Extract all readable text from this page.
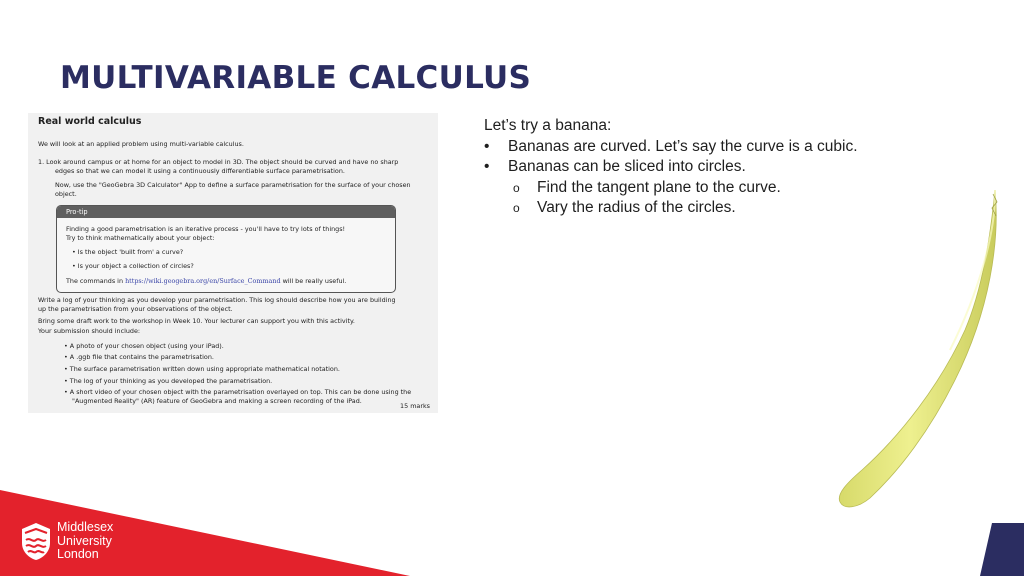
MULTIVARIABLE CALCULUS
Real world calculus
We will look at an applied problem using multi-variable calculus.
1. Look around campus or at home for an object to model in 3D. The object should be curved and have no sharp
edges so that we can model it using a continuously differentiable surface parametrisation.
Now, use the "GeoGebra 3D Calculator" App to define a surface parametrisation for the surface of your chosen
object.
Pro-tip
Finding a good parametrisation is an iterative process - you'll have to try lots of things!
Try to think mathematically about your object:
• Is the object 'built from' a curve?
• Is your object a collection of circles?
The commands in https://wiki.geogebra.org/en/Surface_Command will be really useful.
Write a log of your thinking as you develop your parametrisation. This log should describe how you are building
up the parametrisation from your observations of the object.
Bring some draft work to the workshop in Week 10. Your lecturer can support you with this activity.
Your submission should include:
• A photo of your chosen object (using your iPad).
• A .ggb file that contains the parametrisation.
• The surface parametrisation written down using appropriate mathematical notation.
• The log of your thinking as you developed the parametrisation.
• A short video of your chosen object with the parametrisation overlayed on top. This can be done using the
"Augmented Reality" (AR) feature of GeoGebra and making a screen recording of the iPad.
15 marks
Let’s try a banana:
• Bananas are curved. Let’s say the curve is a cubic.
• Bananas can be sliced into circles.
o Find the tangent plane to the curve.
o Vary the radius of the circles.
Middlesex
University
London
